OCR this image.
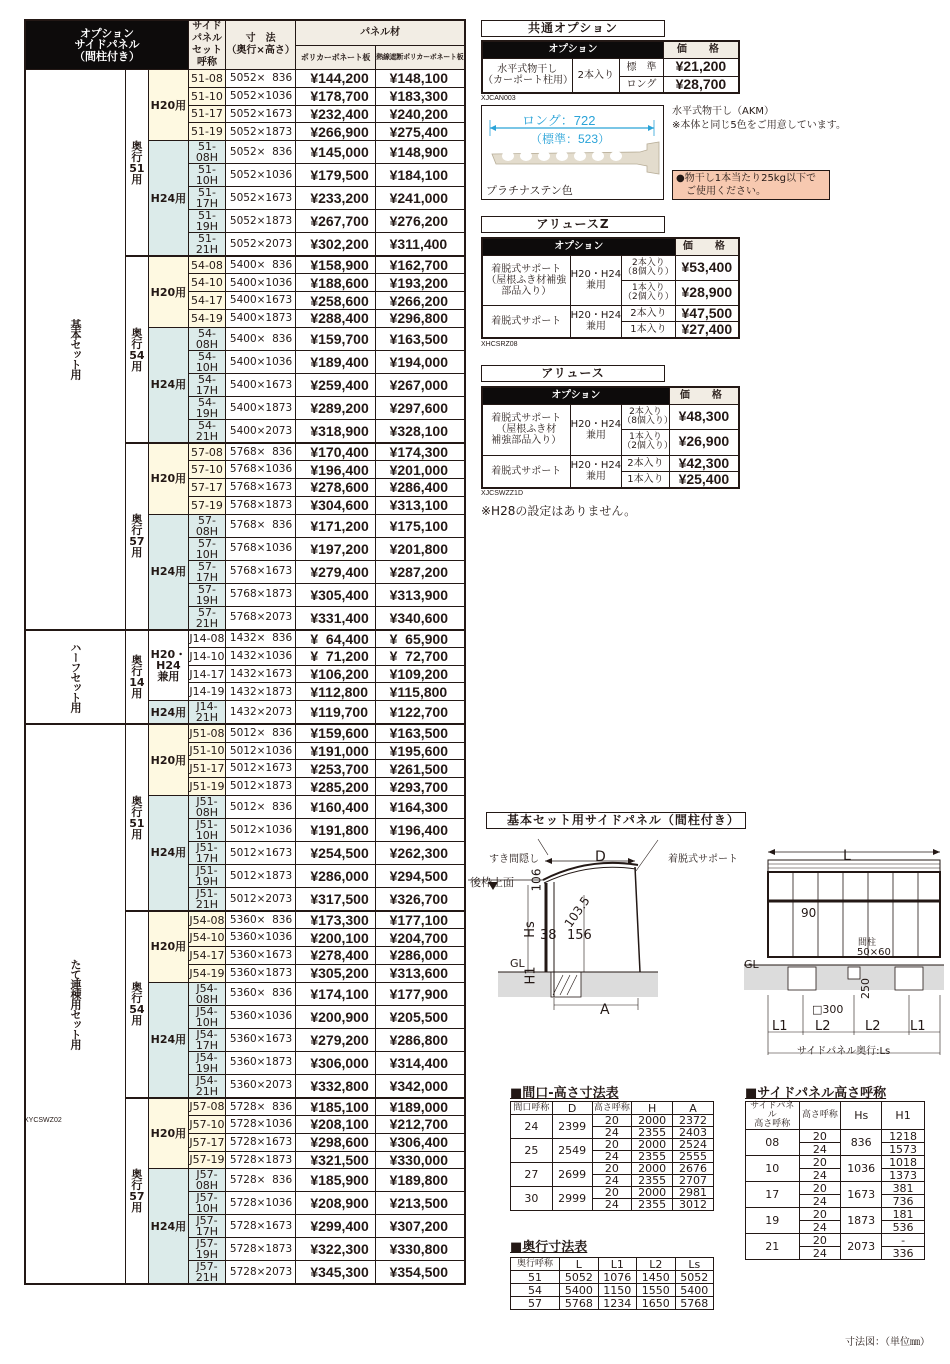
オプション
サイドパネル
（間柱付き）

サイドパネル
セット呼称

寸　法
（奥行×高さ）
	パネル材
					ポリカーボネート板	熱線遮断ポリカーボネート板
基本セット用	奥行
51用	H20用	51-08	5052×  836	¥144,200	¥148,100
			51-10	5052×1036	¥178,700	¥183,300
			51-17	5052×1673	¥232,400	¥240,200
			51-19	5052×1873	¥266,900	¥275,400
		H24用	51-08H	5052×  836	¥145,000	¥148,900
			51-10H	5052×1036	¥179,500	¥184,100
			51-17H	5052×1673	¥233,200	¥241,000
			51-19H	5052×1873	¥267,700	¥276,200
			51-21H	5052×2073	¥302,200	¥311,400

	奥行
54用	H20用	54-08	5400×  836	¥158,900	¥162,700
			54-10	5400×1036	¥188,600	¥193,200
			54-17	5400×1673	¥258,600	¥266,200
			54-19	5400×1873	¥288,400	¥296,800
		H24用	54-08H	5400×  836	¥159,700	¥163,500
			54-10H	5400×1036	¥189,400	¥194,000
			54-17H	5400×1673	¥259,400	¥267,000
			54-19H	5400×1873	¥289,200	¥297,600
			54-21H	5400×2073	¥318,900	¥328,100

	奥行
57用	H20用	57-08	5768×  836	¥170,400	¥174,300
			57-10	5768×1036	¥196,400	¥201,000
			57-17	5768×1673	¥278,600	¥286,400
			57-19	5768×1873	¥304,600	¥313,100
		H24用	57-08H	5768×  836	¥171,200	¥175,100
			57-10H	5768×1036	¥197,200	¥201,800
			57-17H	5768×1673	¥279,400	¥287,200
			57-19H	5768×1873	¥305,400	¥313,900
			57-21H	5768×2073	¥331,400	¥340,600
ハーフセット用	奥行
14用

H20・
H24
兼用
	J14-08	1432×  836	¥  64,400	¥  65,900
			J14-10	1432×1036	¥  71,200	¥  72,700
			J14-17	1432×1673	¥106,200	¥109,200
			J14-19	1432×1873	¥112,800	¥115,800
		H24用	J14-21H	1432×2073	¥119,700	¥122,700
たて連棟用セット用	奥行
51用	H20用	J51-08	5012×  836	¥159,600	¥163,500
			J51-10	5012×1036	¥191,000	¥195,600
			J51-17	5012×1673	¥253,700	¥261,500
			J51-19	5012×1873	¥285,200	¥293,700
		H24用	J51-08H	5012×  836	¥160,400	¥164,300
			J51-10H	5012×1036	¥191,800	¥196,400
			J51-17H	5012×1673	¥254,500	¥262,300
			J51-19H	5012×1873	¥286,000	¥294,500
			J51-21H	5012×2073	¥317,500	¥326,700

	奥行
54用	H20用	J54-08	5360×  836	¥173,300	¥177,100
			J54-10	5360×1036	¥200,100	¥204,700
			J54-17	5360×1673	¥278,400	¥286,000
			J54-19	5360×1873	¥305,200	¥313,600
		H24用	J54-08H	5360×  836	¥174,100	¥177,900
			J54-10H	5360×1036	¥200,900	¥205,500
			J54-17H	5360×1673	¥279,200	¥286,800
			J54-19H	5360×1873	¥306,000	¥314,400
			J54-21H	5360×2073	¥332,800	¥342,000

	奥行
57用	H20用	J57-08	5728×  836	¥185,100	¥189,000
			J57-10	5728×1036	¥208,100	¥212,700
			J57-17	5728×1673	¥298,600	¥306,400
			J57-19	5728×1873	¥321,500	¥330,000
		H24用	J57-08H	5728×  836	¥185,900	¥189,800
			J57-10H	5728×1036	¥208,900	¥213,500
			J57-17H	5728×1673	¥299,400	¥307,200
			J57-19H	5728×1873	¥322,300	¥330,800
			J57-21H	5728×2073	¥345,300	¥354,500
XYCSWZ02
共通オプション
オプション			価　格

水平式物干し
（カーポート柱用）	2本入り	標　準	¥21,200
		ロング	¥28,700
XJCAN003
ロング：722
（標準：523）
プラチナステン色
水平式物干し（AKM）
※本体と同じ5色をご用意しています。
●物干し1本当たり25kg以下で
ご使用ください。
アリュースZ
オプション			価　格

着脱式サポート
（屋根ふき材補強
部品入り）

H20・H24
兼用

2本入り
（8個入り）	¥53,400

		1本入り
（2個入り）	¥28,900
着脱式サポート	H20・H24
兼用	2本入り	¥47,500
		1本入り	¥27,400
XHCSRZ08
アリュース
オプション			価　格

着脱式サポート
（屋根ふき材
補強部品入り）

H20・H24
兼用

2本入り
（8個入り）	¥48,300

		1本入り
（2個入り）	¥26,900
着脱式サポート	H20・H24
兼用	2本入り	¥42,300
		1本入り	¥25,400
XJCSWZZ1D
※H28の設定はありません。
基本セット用サイドパネル（間柱付き）
すき間隠し	着脱式サポート
後枠上面
D
A
Hs
H1
GL
106
103.5
38 156
L
90
間柱
50×60
GL
250
□300
L1 L2	L2 L1
サイドパネル奥行:Ls
■間口-高さ寸法表
間口呼称	D	高さ呼称	H	A
24	2399	20	2000	2372
		24	2355	2403
25	2549	20	2000	2524
		24	2355	2555
27	2699	20	2000	2676
		24	2355	2707
30	2999	20	2000	2981
		24	2355	3012
■奥行寸法表
奥行呼称	L	L1	L2	Ls
51	5052	1076	1450	5052
54	5400	1150	1550	5400
57	5768	1234	1650	5768
■サイドパネル高さ呼称
サイドパネル
高さ呼称	高さ呼称	Hs	H1
08	20	836	1218
	24		1573
10	20	1036	1018
	24		1373
17	20	1673	381
	24		736
19	20	1873	181
	24		536
21	20	2073	-
	24		336
寸法図：（単位㎜）
